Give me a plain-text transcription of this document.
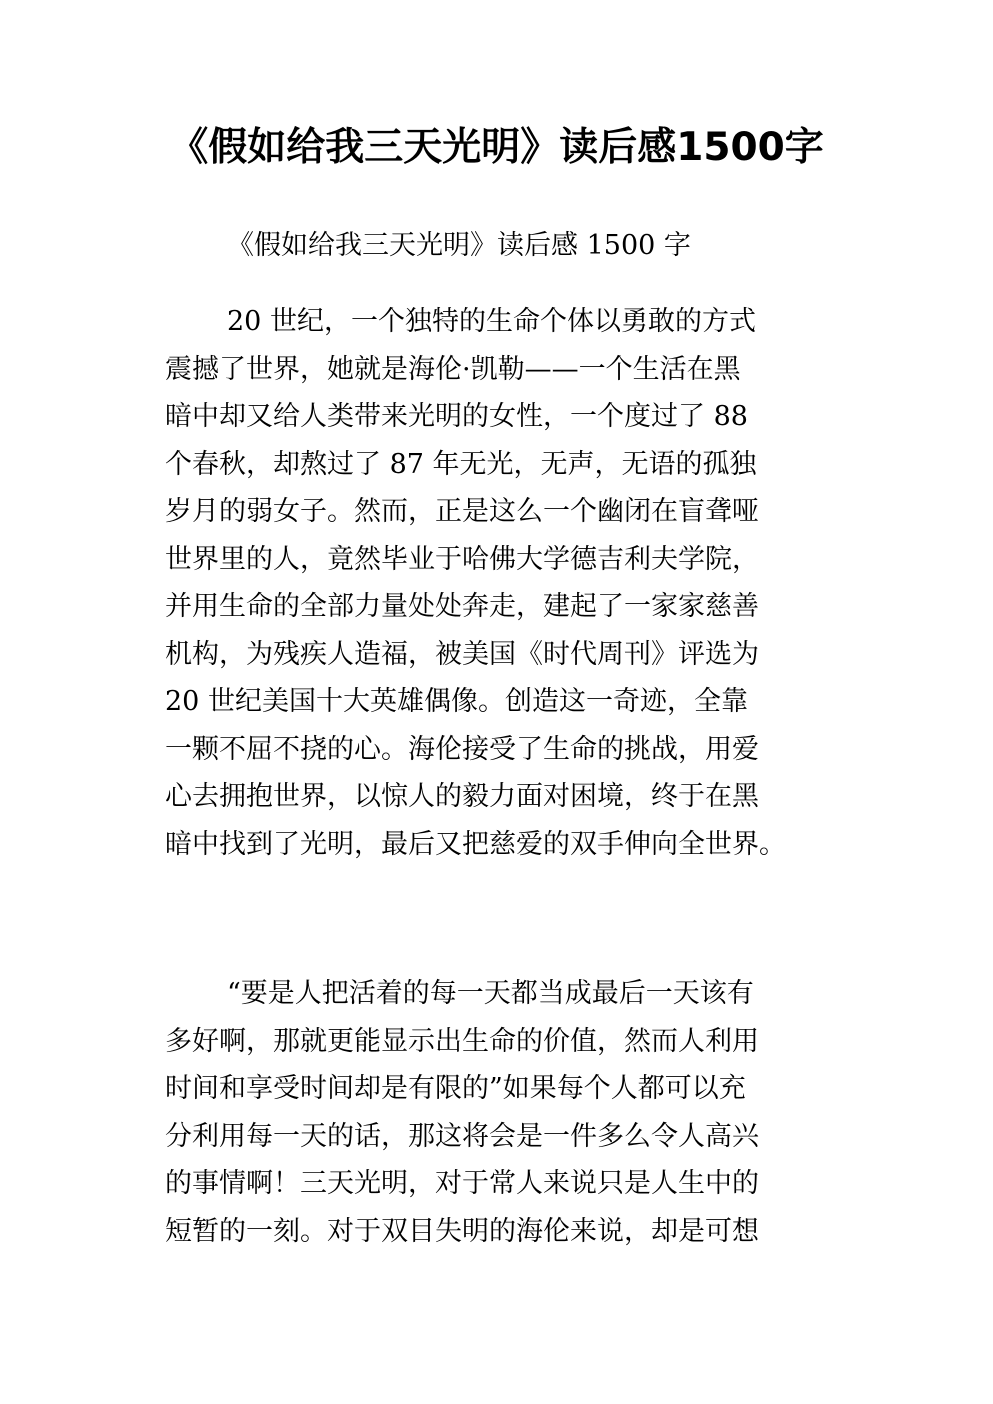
《假如给我三天光明》读后感1500字
《假如给我三天光明》读后感 1500 字
20 世纪，一个独特的生命个体以勇敢的方式
震撼了世界，她就是海伦·凯勒——一个生活在黑
暗中却又给人类带来光明的女性，一个度过了 88
个春秋，却熬过了 87 年无光，无声，无语的孤独
岁月的弱女子。然而，正是这么一个幽闭在盲聋哑
世界里的人，竟然毕业于哈佛大学德吉利夫学院，
并用生命的全部力量处处奔走，建起了一家家慈善
机构，为残疾人造福，被美国《时代周刊》评选为
20 世纪美国十大英雄偶像。创造这一奇迹，全靠
一颗不屈不挠的心。海伦接受了生命的挑战，用爱
心去拥抱世界，以惊人的毅力面对困境，终于在黑
暗中找到了光明，最后又把慈爱的双手伸向全世界。
“要是人把活着的每一天都当成最后一天该有
多好啊，那就更能显示出生命的价值，然而人利用
时间和享受时间却是有限的”如果每个人都可以充
分利用每一天的话，那这将会是一件多么令人高兴
的事情啊！三天光明，对于常人来说只是人生中的
短暂的一刻。对于双目失明的海伦来说，却是可想
